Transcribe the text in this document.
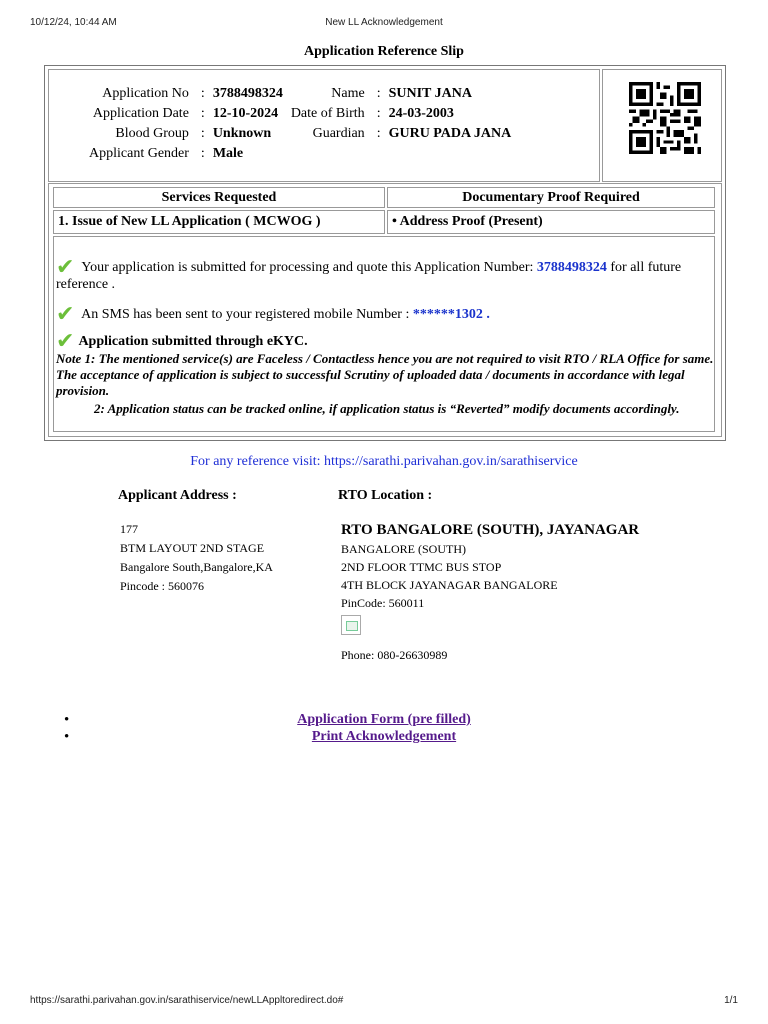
10/12/24, 10:44 AM	New LL Acknowledgement
Application Reference Slip
Application No	:	3788498324	Name	:	SUNIT JANA
Application Date	:	12-10-2024	Date of Birth	:	24-03-2003
Blood Group	:	Unknown	Guardian	:	GURU PADA JANA
Applicant Gender	:	Male			
Services Requested	Documentary Proof Required
1. Issue of New LL Application ( MCWOG )	• Address Proof (Present)
✔ Your application is submitted for processing and quote this Application Number: 3788498324 for all future reference .
✔ An SMS has been sent to your registered mobile Number : ******1302 .
✔ Application submitted through eKYC.
Note 1: The mentioned service(s) are Faceless / Contactless hence you are not required to visit RTO / RLA Office for same. The acceptance of application is subject to successful Scrutiny of uploaded data / documents in accordance with legal provision.
2: Application status can be tracked online, if application status is “Reverted” modify documents accordingly.
For any reference visit: https://sarathi.parivahan.gov.in/sarathiservice
Applicant Address :	RTO Location :
177
BTM LAYOUT 2ND STAGE
Bangalore South,Bangalore,KA
Pincode : 560076
RTO BANGALORE (SOUTH), JAYANAGAR
BANGALORE (SOUTH)
2ND FLOOR TTMC BUS STOP
4TH BLOCK JAYANAGAR BANGALORE
PinCode: 560011
Phone: 080-26630989
•	Application Form (pre filled)
•	Print Acknowledgement
https://sarathi.parivahan.gov.in/sarathiservice/newLLAppltoredirect.do#	1/1
